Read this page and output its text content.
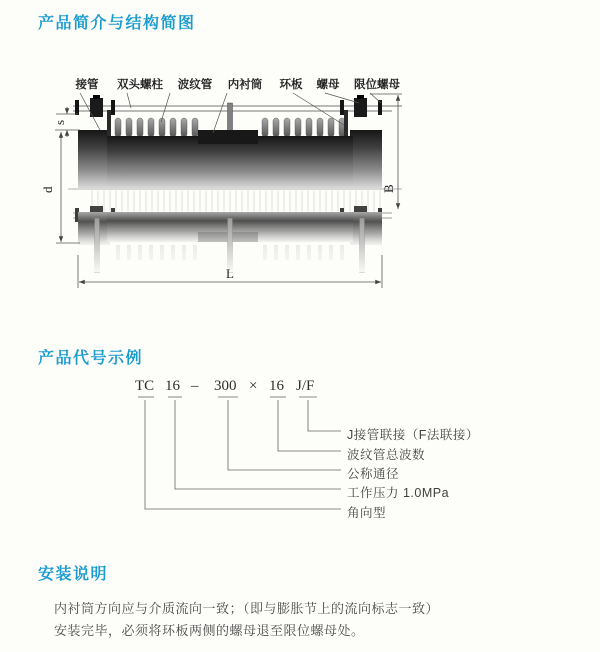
产品简介与结构简图
产品代号示例
安装说明
s
d	B
L
接管 双头螺柱 波纹管 内衬筒 环板 螺母 限位螺母
TC 16 – 300 × 16 J/F
J接管联接（F法联接）
波纹管总波数
公称通径
工作压力 1.0MPa
角向型
内衬筒方向应与介质流向一致；（即与膨胀节上的流向标志一致）
安装完毕，必须将环板两侧的螺母退至限位螺母处。
